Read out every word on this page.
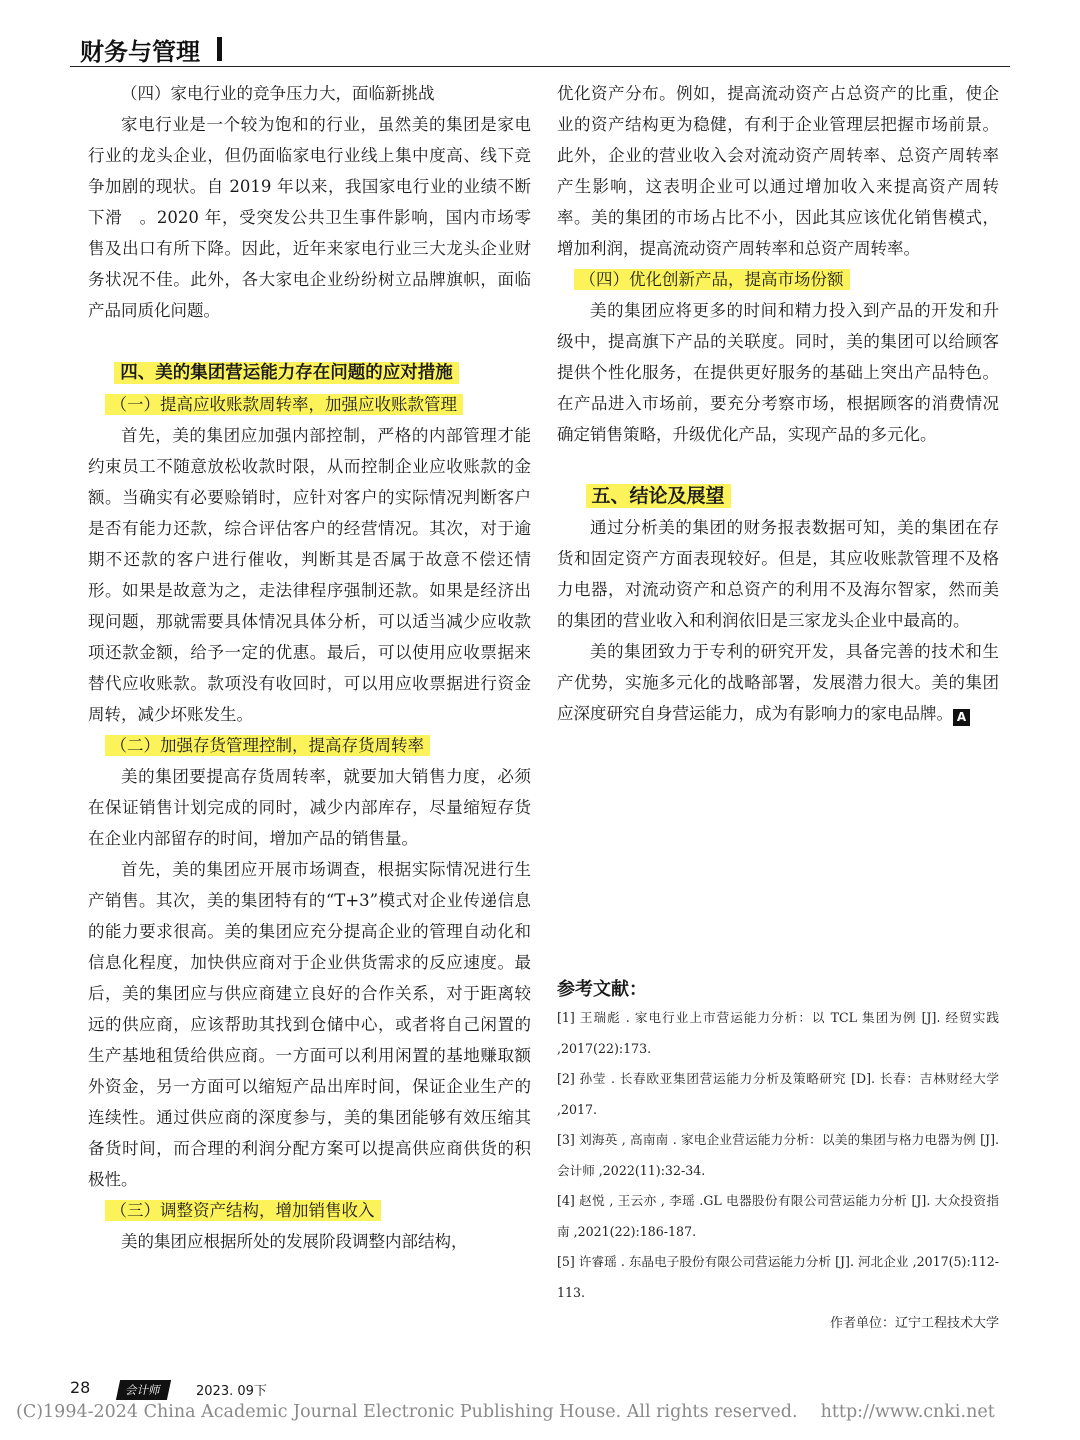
财务与管理
（四）家电行业的竞争压力大，面临新挑战

家电行业是一个较为饱和的行业，虽然美的集团是家电行业的龙头企业，但仍面临家电行业线上集中度高、线下竞争加剧的现状。自 2019 年以来，我国家电行业的业绩不断下滑　。2020 年，受突发公共卫生事件影响，国内市场零售及出口有所下降。因此，近年来家电行业三大龙头企业财务状况不佳。此外，各大家电企业纷纷树立品牌旗帜，面临产品同质化问题。

四、美的集团营运能力存在问题的应对措施
（一）提高应收账款周转率，加强应收账款管理

首先，美的集团应加强内部控制，严格的内部管理才能约束员工不随意放松收款时限，从而控制企业应收账款的金额。当确实有必要赊销时，应针对客户的实际情况判断客户是否有能力还款，综合评估客户的经营情况。其次，对于逾期不还款的客户进行催收，判断其是否属于故意不偿还情形。如果是故意为之，走法律程序强制还款。如果是经济出现问题，那就需要具体情况具体分析，可以适当减少应收款项还款金额，给予一定的优惠。最后，可以使用应收票据来替代应收账款。款项没有收回时，可以用应收票据进行资金周转，减少坏账发生。

（二）加强存货管理控制，提高存货周转率

美的集团要提高存货周转率，就要加大销售力度，必须在保证销售计划完成的同时，减少内部库存，尽量缩短存货在企业内部留存的时间，增加产品的销售量。

首先，美的集团应开展市场调查，根据实际情况进行生产销售。其次，美的集团特有的“T+3”模式对企业传递信息的能力要求很高。美的集团应充分提高企业的管理自动化和信息化程度，加快供应商对于企业供货需求的反应速度。最后，美的集团应与供应商建立良好的合作关系，对于距离较远的供应商，应该帮助其找到仓储中心，或者将自己闲置的生产基地租赁给供应商。一方面可以利用闲置的基地赚取额外资金，另一方面可以缩短产品出库时间，保证企业生产的连续性。通过供应商的深度参与，美的集团能够有效压缩其备货时间，而合理的利润分配方案可以提高供应商供货的积极性。

（三）调整资产结构，增加销售收入

美的集团应根据所处的发展阶段调整内部结构，

优化资产分布。例如，提高流动资产占总资产的比重，使企业的资产结构更为稳健，有利于企业管理层把握市场前景。此外，企业的营业收入会对流动资产周转率、总资产周转率产生影响，这表明企业可以通过增加收入来提高资产周转率。美的集团的市场占比不小，因此其应该优化销售模式，增加利润，提高流动资产周转率和总资产周转率。

（四）优化创新产品，提高市场份额

美的集团应将更多的时间和精力投入到产品的开发和升级中，提高旗下产品的关联度。同时，美的集团可以给顾客提供个性化服务，在提供更好服务的基础上突出产品特色。在产品进入市场前，要充分考察市场，根据顾客的消费情况确定销售策略，升级优化产品，实现产品的多元化。

五、结论及展望

通过分析美的集团的财务报表数据可知，美的集团在存货和固定资产方面表现较好。但是，其应收账款管理不及格力电器，对流动资产和总资产的利用不及海尔智家，然而美的集团的营业收入和利润依旧是三家龙头企业中最高的。

美的集团致力于专利的研究开发，具备完善的技术和生产优势，实施多元化的战略部署，发展潜力很大。美的集团应深度研究自身营运能力，成为有影响力的家电品牌。 A

参考文献：
[1] 王瑞彪 . 家电行业上市营运能力分析：以 TCL 集团为例 [J]. 经贸实践 ,2017(22):173.
[2] 孙莹 . 长春欧亚集团营运能力分析及策略研究 [D]. 长春：吉林财经大学 ,2017.
[3] 刘海英 , 高南南 . 家电企业营运能力分析：以美的集团与格力电器为例 [J]. 会计师 ,2022(11):32-34.
[4] 赵悦 , 王云亦 , 李瑶 .GL 电器股份有限公司营运能力分析 [J]. 大众投资指南 ,2021(22):186-187.
[5] 许睿瑶 . 东晶电子股份有限公司营运能力分析 [J]. 河北企业 ,2017(5):112-113.
作者单位：辽宁工程技术大学
28	会计师	2023. 09下
(C)1994-2024 China Academic Journal Electronic Publishing House. All rights reserved.　 http://www.cnki.net
